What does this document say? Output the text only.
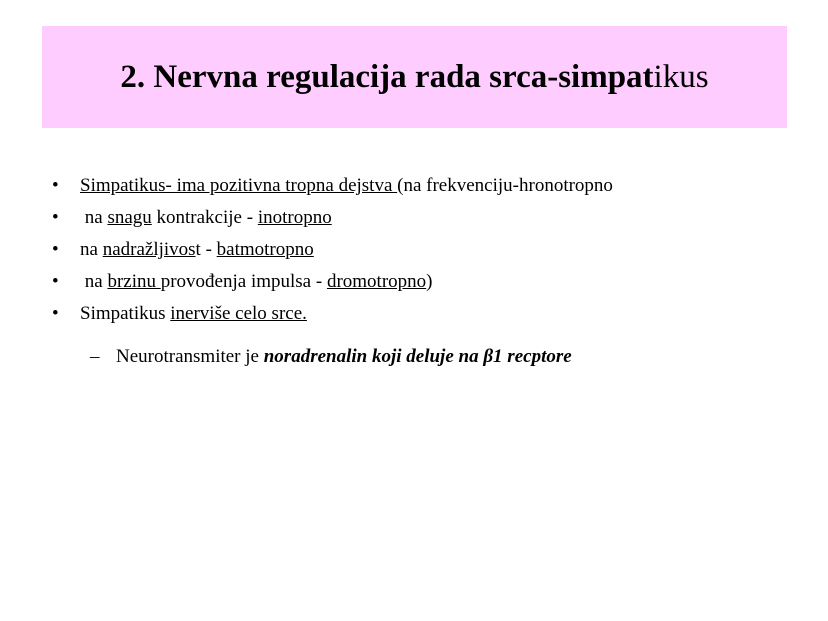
2. Nervna regulacija rada srca-simpatikus
• Simpatikus- ima pozitivna tropna dejstva (na frekvenciju-hronotropno
• na snagu kontrakcije - inotropno
• na nadražljivost - batmotropno
• na brzinu provođenja impulsa - dromotropno)
• Simpatikus inerviše celo srce.
– Neurotransmiter je noradrenalin koji deluje na β1 recptore
